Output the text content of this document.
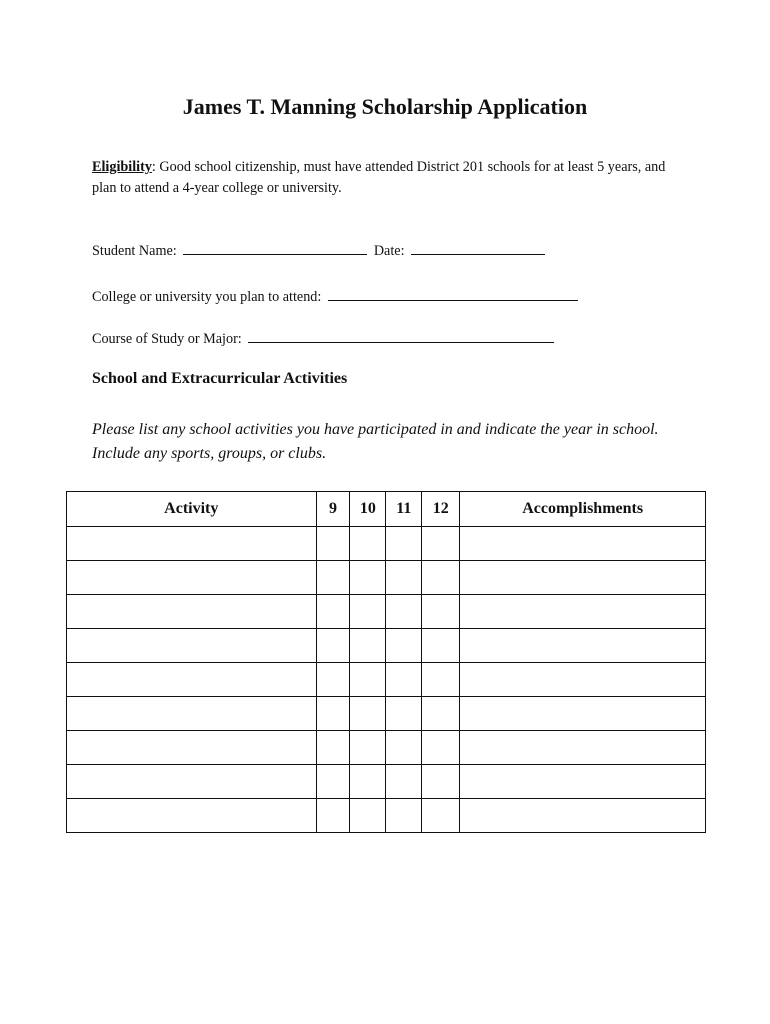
James T. Manning Scholarship Application

Eligibility: Good school citizenship, must have attended District 201 schools for at least 5 years, and plan to attend a 4-year college or university.

Student Name:	Date:
College or university you plan to attend:
Course of Study or Major:
School and Extracurricular Activities

Please list any school activities you have participated in and indicate the year in school. Include any sports, groups, or clubs.

Activity	9	10	11	12	Accomplishments
